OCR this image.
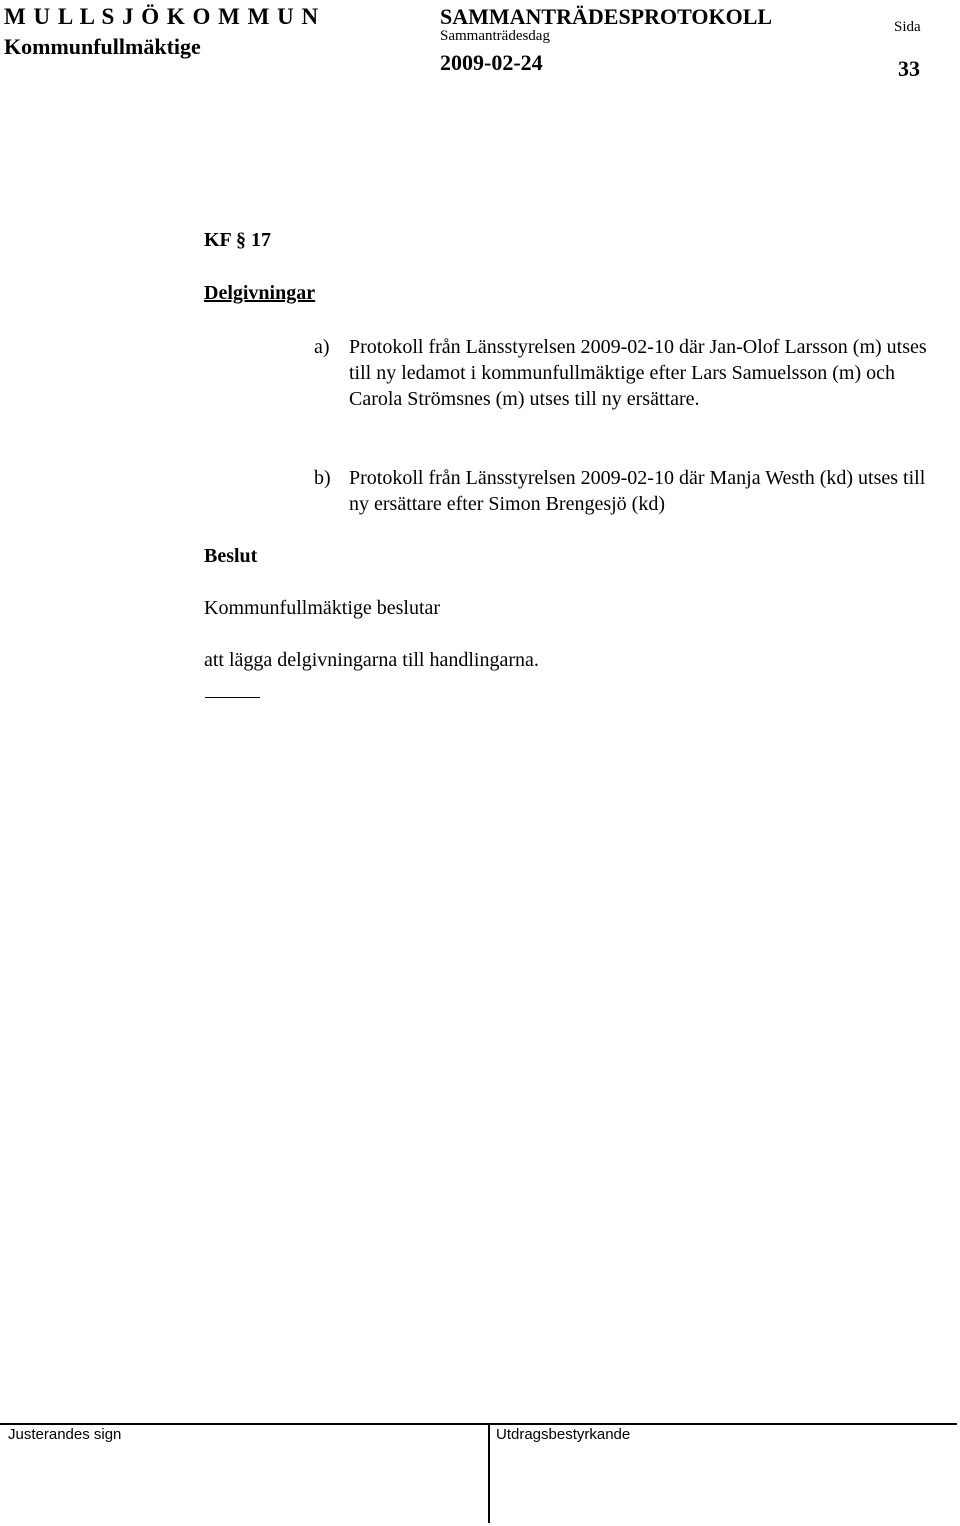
M U L L S J Ö K O M M U N
Kommunfullmäktige
SAMMANTRÄDESPROTOKOLL
Sammanträdesdag
2009-02-24
Sida
33
KF § 17
Delgivningar
a) Protokoll från Länsstyrelsen 2009-02-10 där Jan-Olof Larsson (m) utses till ny ledamot i kommunfullmäktige efter Lars Samuelsson (m) och Carola Strömsnes (m) utses till ny ersättare.
b) Protokoll från Länsstyrelsen 2009-02-10 där Manja Westh (kd) utses till ny ersättare efter Simon Brengesjö (kd)
Beslut
Kommunfullmäktige beslutar
att lägga delgivningarna till handlingarna.
Justerandes sign	Utdragsbestyrkande
